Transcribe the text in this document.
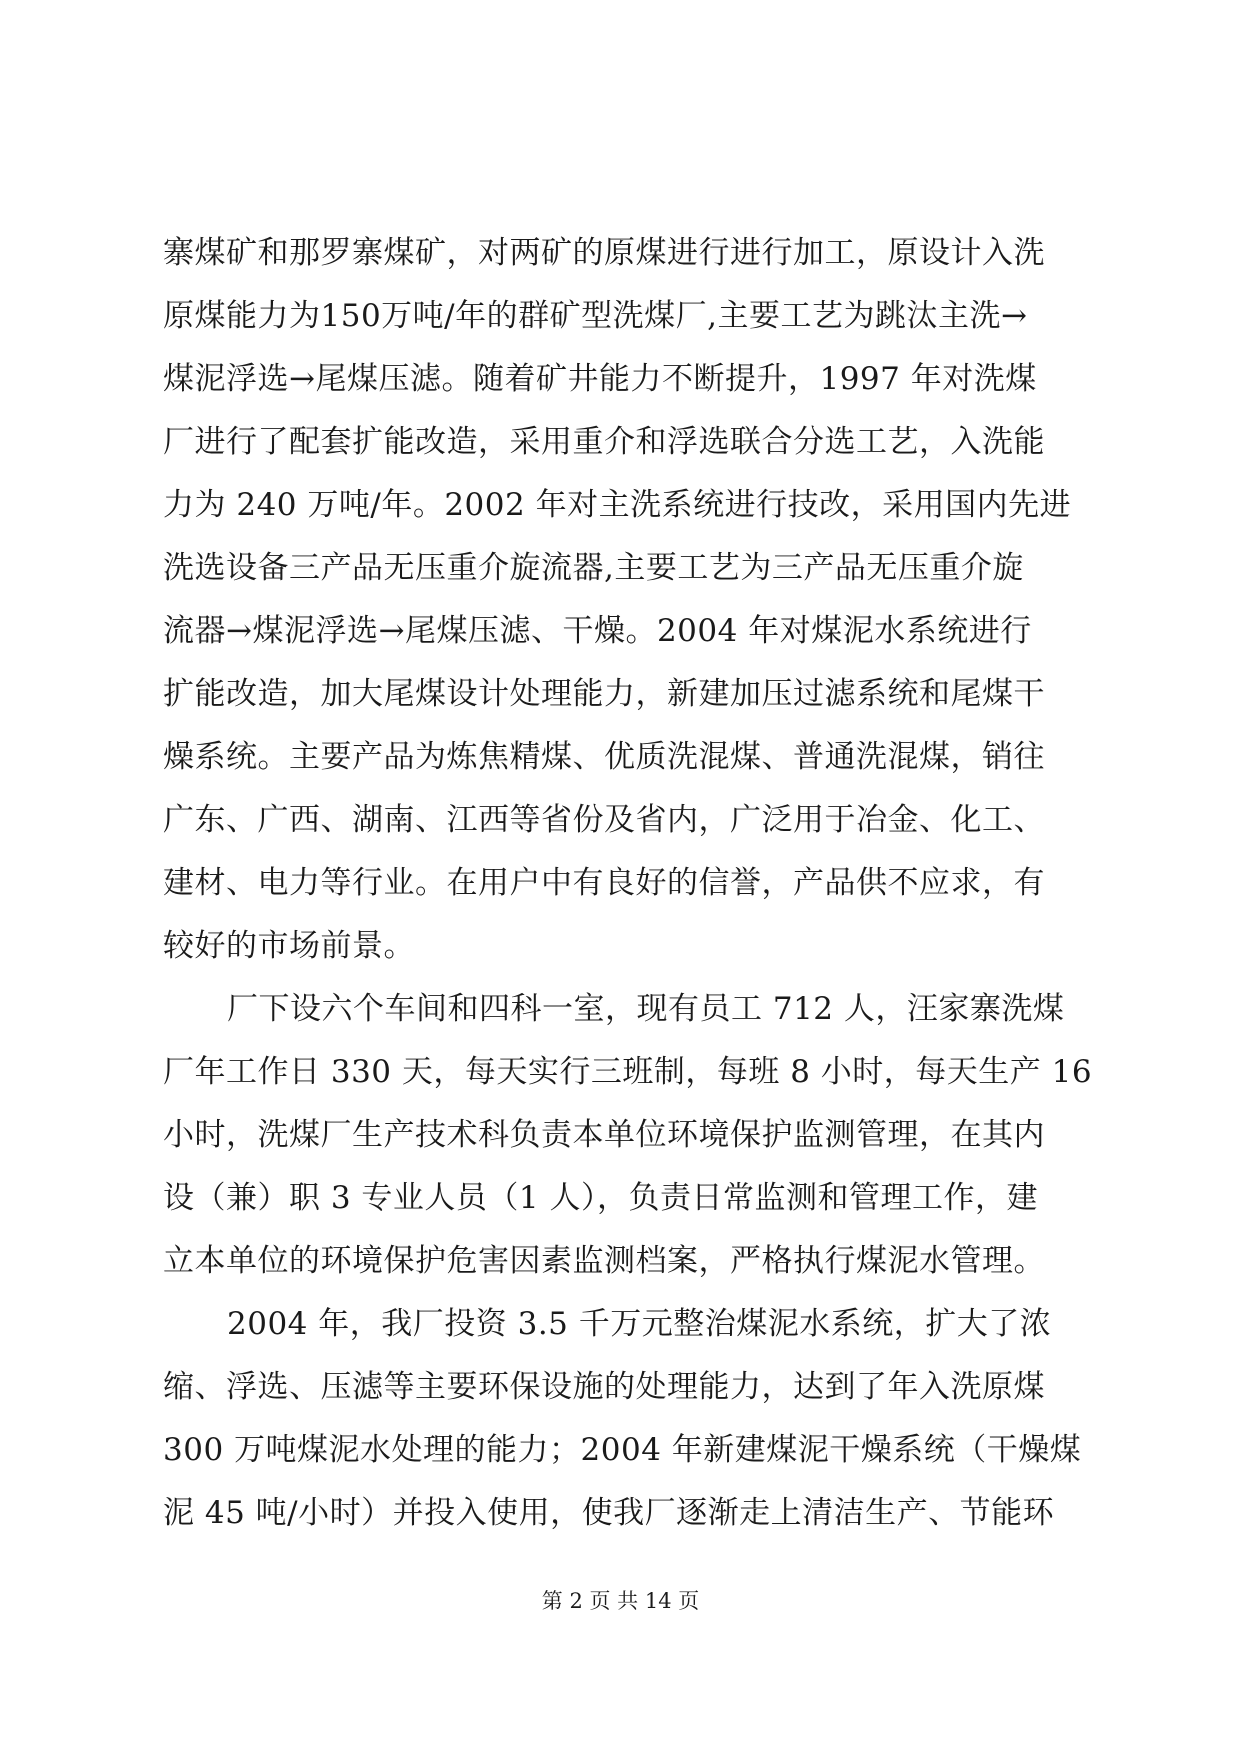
寨煤矿和那罗寨煤矿，对两矿的原煤进行进行加工，原设计入洗
原煤能力为150万吨/年的群矿型洗煤厂,主要工艺为跳汰主洗→
煤泥浮选→尾煤压滤。随着矿井能力不断提升，1997 年对洗煤
厂进行了配套扩能改造，采用重介和浮选联合分选工艺，入洗能
力为 240 万吨/年。2002 年对主洗系统进行技改，采用国内先进
洗选设备三产品无压重介旋流器,主要工艺为三产品无压重介旋
流器→煤泥浮选→尾煤压滤、干燥。2004 年对煤泥水系统进行
扩能改造，加大尾煤设计处理能力，新建加压过滤系统和尾煤干
燥系统。主要产品为炼焦精煤、优质洗混煤、普通洗混煤，销往
广东、广西、湖南、江西等省份及省内，广泛用于冶金、化工、
建材、电力等行业。在用户中有良好的信誉，产品供不应求，有
较好的市场前景。
厂下设六个车间和四科一室，现有员工 712 人，汪家寨洗煤
厂年工作日 330 天，每天实行三班制，每班 8 小时，每天生产 16
小时，洗煤厂生产技术科负责本单位环境保护监测管理，在其内
设（兼）职 3 专业人员（1 人），负责日常监测和管理工作，建
立本单位的环境保护危害因素监测档案，严格执行煤泥水管理。
2004 年，我厂投资 3.5 千万元整治煤泥水系统，扩大了浓
缩、浮选、压滤等主要环保设施的处理能力，达到了年入洗原煤
300 万吨煤泥水处理的能力；2004 年新建煤泥干燥系统（干燥煤
泥 45 吨/小时）并投入使用，使我厂逐渐走上清洁生产、节能环
第 2 页 共 14 页
